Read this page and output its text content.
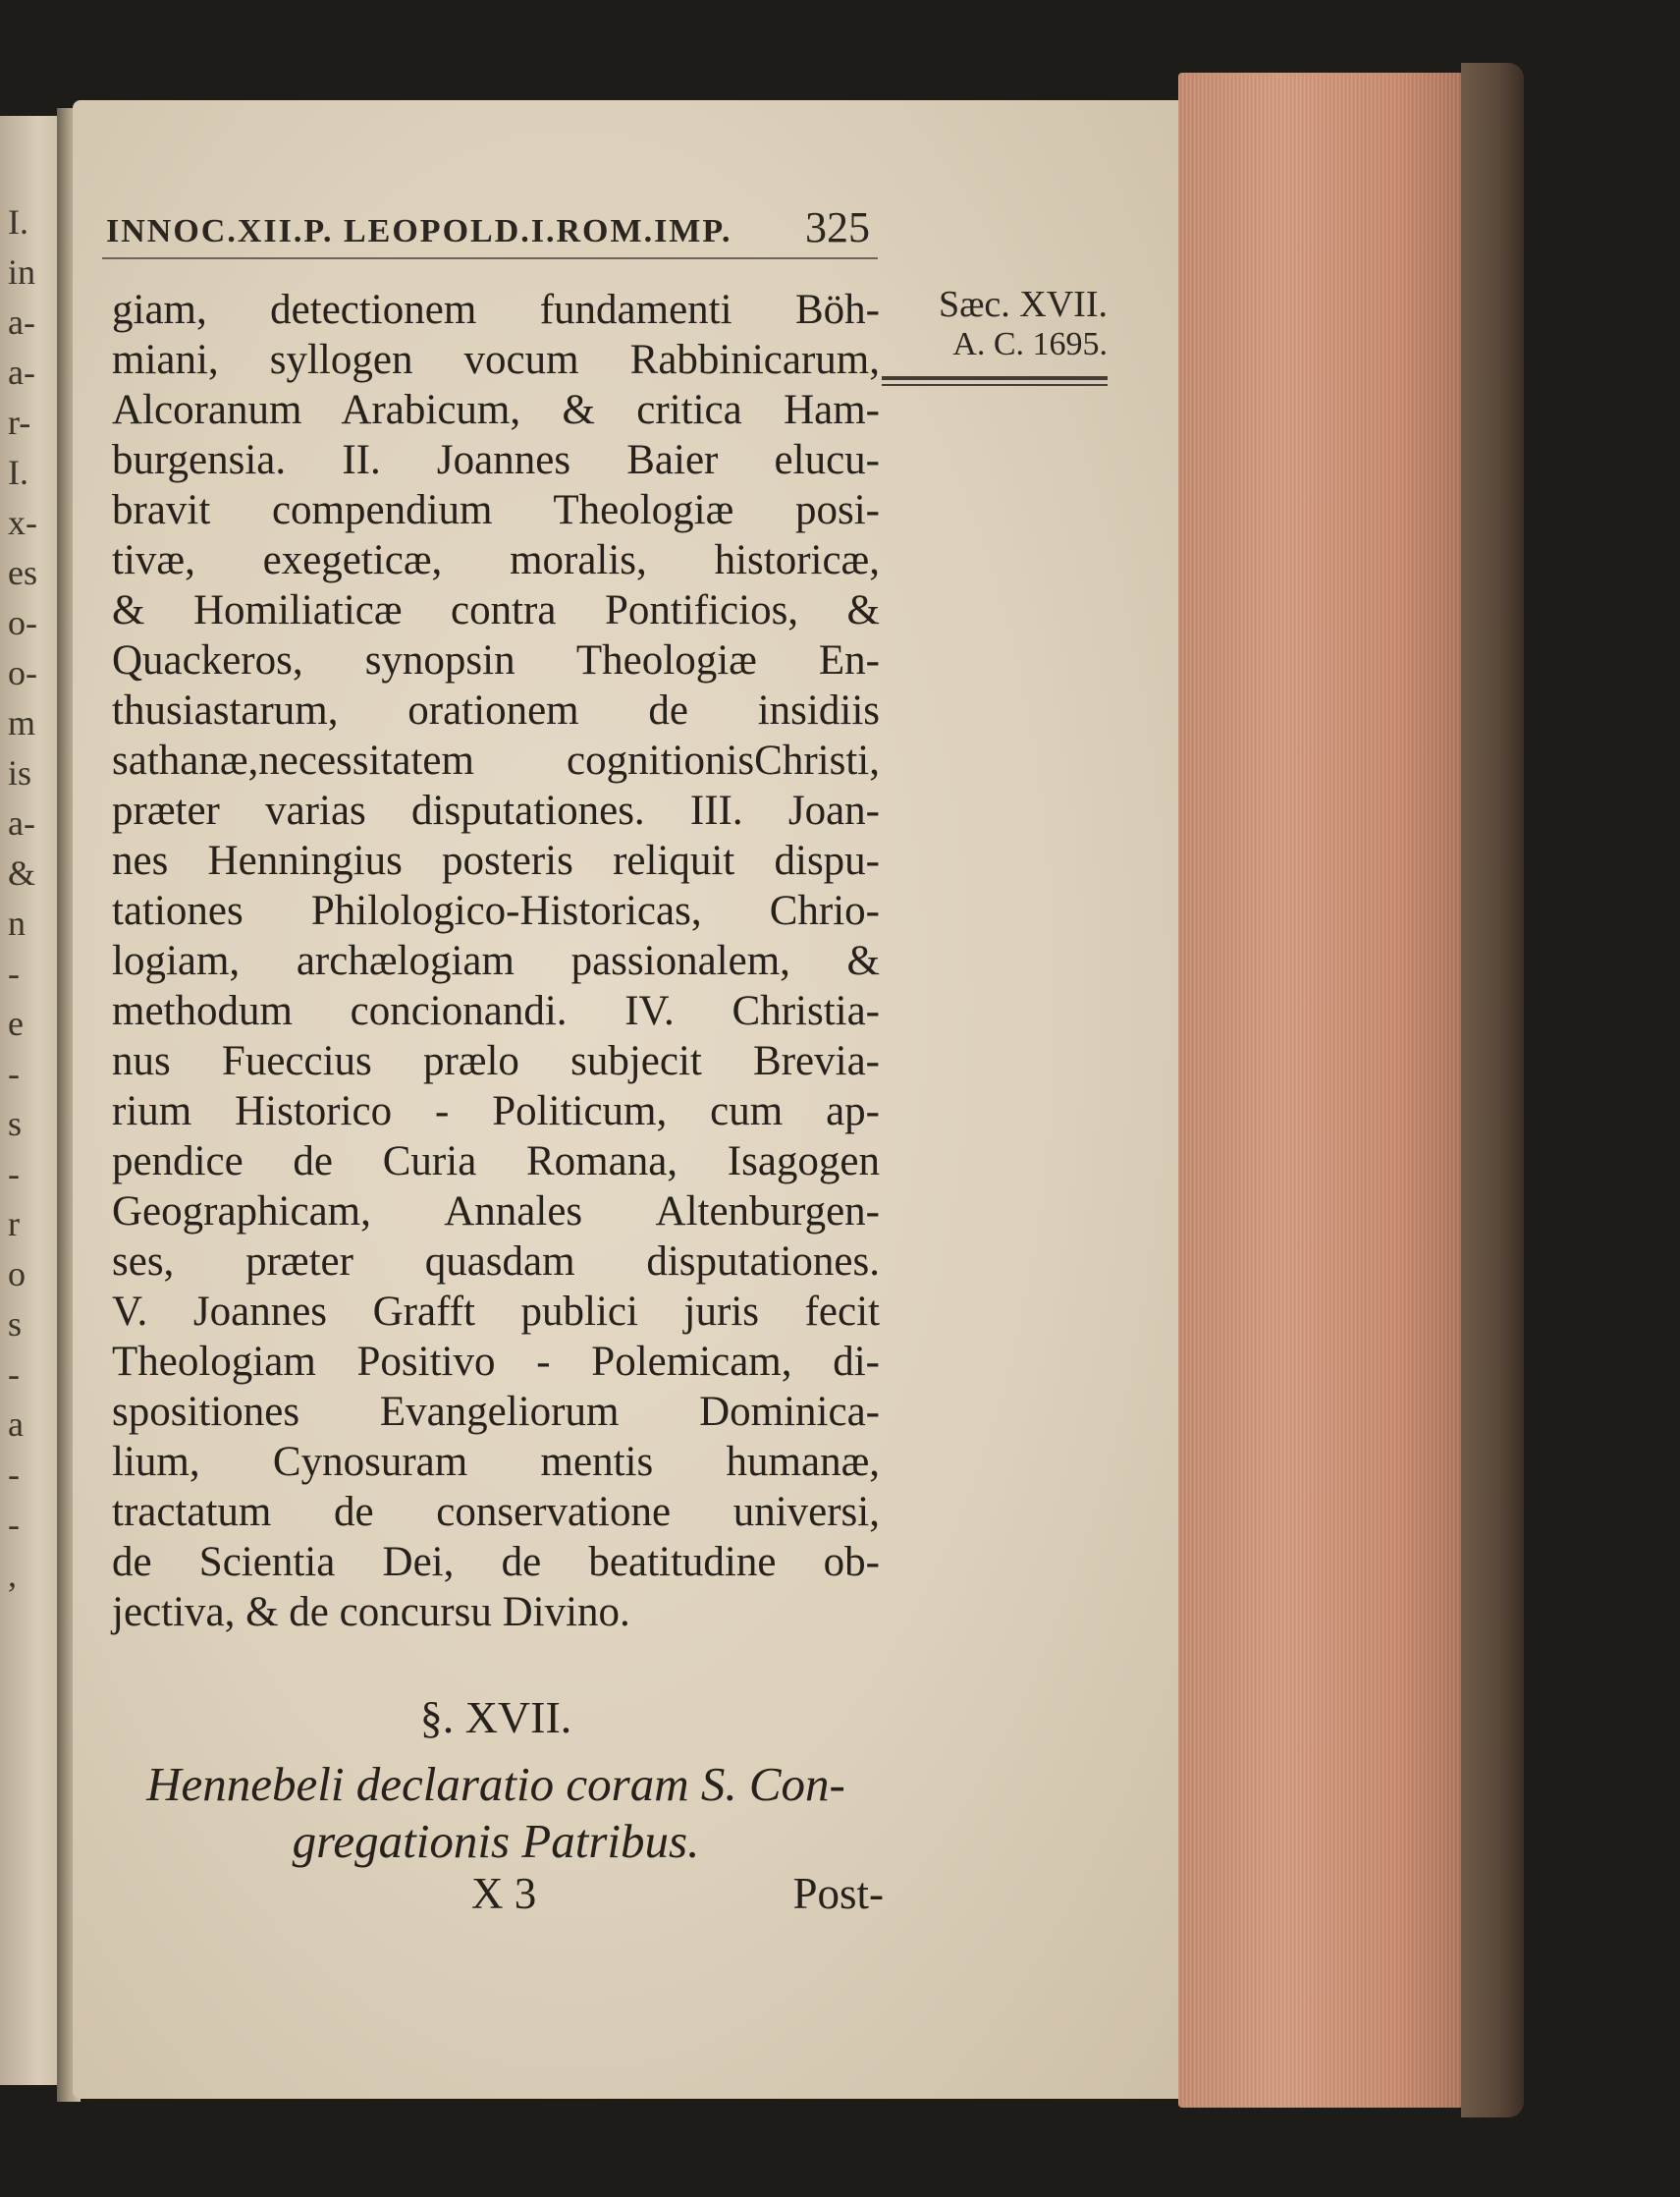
I.
in
a-
a-
r-
I.
x-
es
o-
o-
m
is
a-
&
n
-
e
-
s
-
r
o
s
-
a
-
-
,
INNOC.XII.P. LEOPOLD.I.ROM.IMP. 325
Sæc. XVII.
A. C. 1695.
giam, detectionem fundamenti Böh-
miani, syllogen vocum Rabbinicarum,
Alcoranum Arabicum, & critica Ham-
burgensia. II. Joannes Baier elucu-
bravit compendium Theologiæ posi-
tivæ, exegeticæ, moralis, historicæ,
& Homiliaticæ contra Pontificios, &
Quackeros, synopsin Theologiæ En-
thusiastarum, orationem de insidiis
sathanæ,necessitatem cognitionisChristi,
præter varias disputationes. III. Joan-
nes Henningius posteris reliquit dispu-
tationes Philologico-Historicas, Chrio-
logiam, archælogiam passionalem, &
methodum concionandi. IV. Christia-
nus Fueccius prælo subjecit Brevia-
rium Historico - Politicum, cum ap-
pendice de Curia Romana, Isagogen
Geographicam, Annales Altenburgen-
ses, præter quasdam disputationes.
V. Joannes Grafft publici juris fecit
Theologiam Positivo - Polemicam, di-
spositiones Evangeliorum Dominica-
lium, Cynosuram mentis humanæ,
tractatum de conservatione universi,
de Scientia Dei, de beatitudine ob-
jectiva, & de concursu Divino.
§. XVII.
Hennebeli declaratio coram S. Con-
gregationis Patribus.
X 3	Post-
